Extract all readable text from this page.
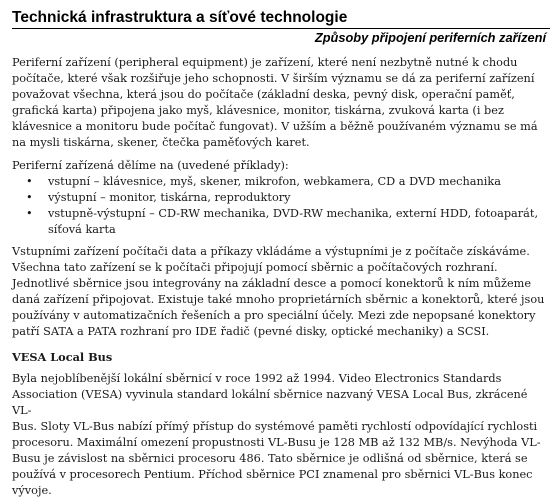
Technická infrastruktura a síťové technologie
Způsoby připojení periferních zařízení
Periferní zařízení (peripheral equipment) je zařízení, které není nezbytně nutné k chodu
počítače, které však rozšiřuje jeho schopnosti. V širším významu se dá za periferní zařízení
považovat všechna, která jsou do počítače (základní deska, pevný disk, operační paměť,
grafická karta) připojena jako myš, klávesnice, monitor, tiskárna, zvuková karta (i bez
klávesnice a monitoru bude počítač fungovat). V užším a běžně používaném významu se má
na mysli tiskárna, skener, čtečka paměťových karet.

Periferní zařízená dělíme na (uvedené příklady):

• vstupní – klávesnice, myš, skener, mikrofon, webkamera, CD a DVD mechanika
• výstupní – monitor, tiskárna, reproduktory
• vstupně-výstupní – CD-RW mechanika, DVD-RW mechanika, externí HDD, fotoaparát,
síťová karta
Vstupními zařízení počítači data a příkazy vkládáme a výstupními je z počítače získáváme.
Všechna tato zařízení se k počítači připojují pomocí sběrnic a počítačových rozhraní.
Jednotlivé sběrnice jsou integrovány na základní desce a pomocí konektorů k ním můžeme
daná zařízení připojovat. Existuje také mnoho proprietárních sběrnic a konektorů, které jsou
používány v automatizačních řešeních a pro speciální účely. Mezi zde nepopsané konektory
patří SATA a PATA rozhraní pro IDE řadič (pevné disky, optické mechaniky) a SCSI.
VESA Local Bus
Byla nejoblíbenější lokální sběrnicí v roce 1992 až 1994. Video Electronics Standards
Association (VESA) vyvinula standard lokální sběrnice nazvaný VESA Local Bus, zkrácené VL-
Bus. Sloty VL-Bus nabízí přímý přístup do systémové paměti rychlostí odpovídající rychlosti
procesoru. Maximální omezení propustnosti VL-Busu je 128 MB až 132 MB/s. Nevýhoda VL-
Busu je závislost na sběrnici procesoru 486. Tato sběrnice je odlišná od sběrnice, která se
používá v procesorech Pentium. Příchod sběrnice PCI znamenal pro sběrnici VL-Bus konec
vývoje.
